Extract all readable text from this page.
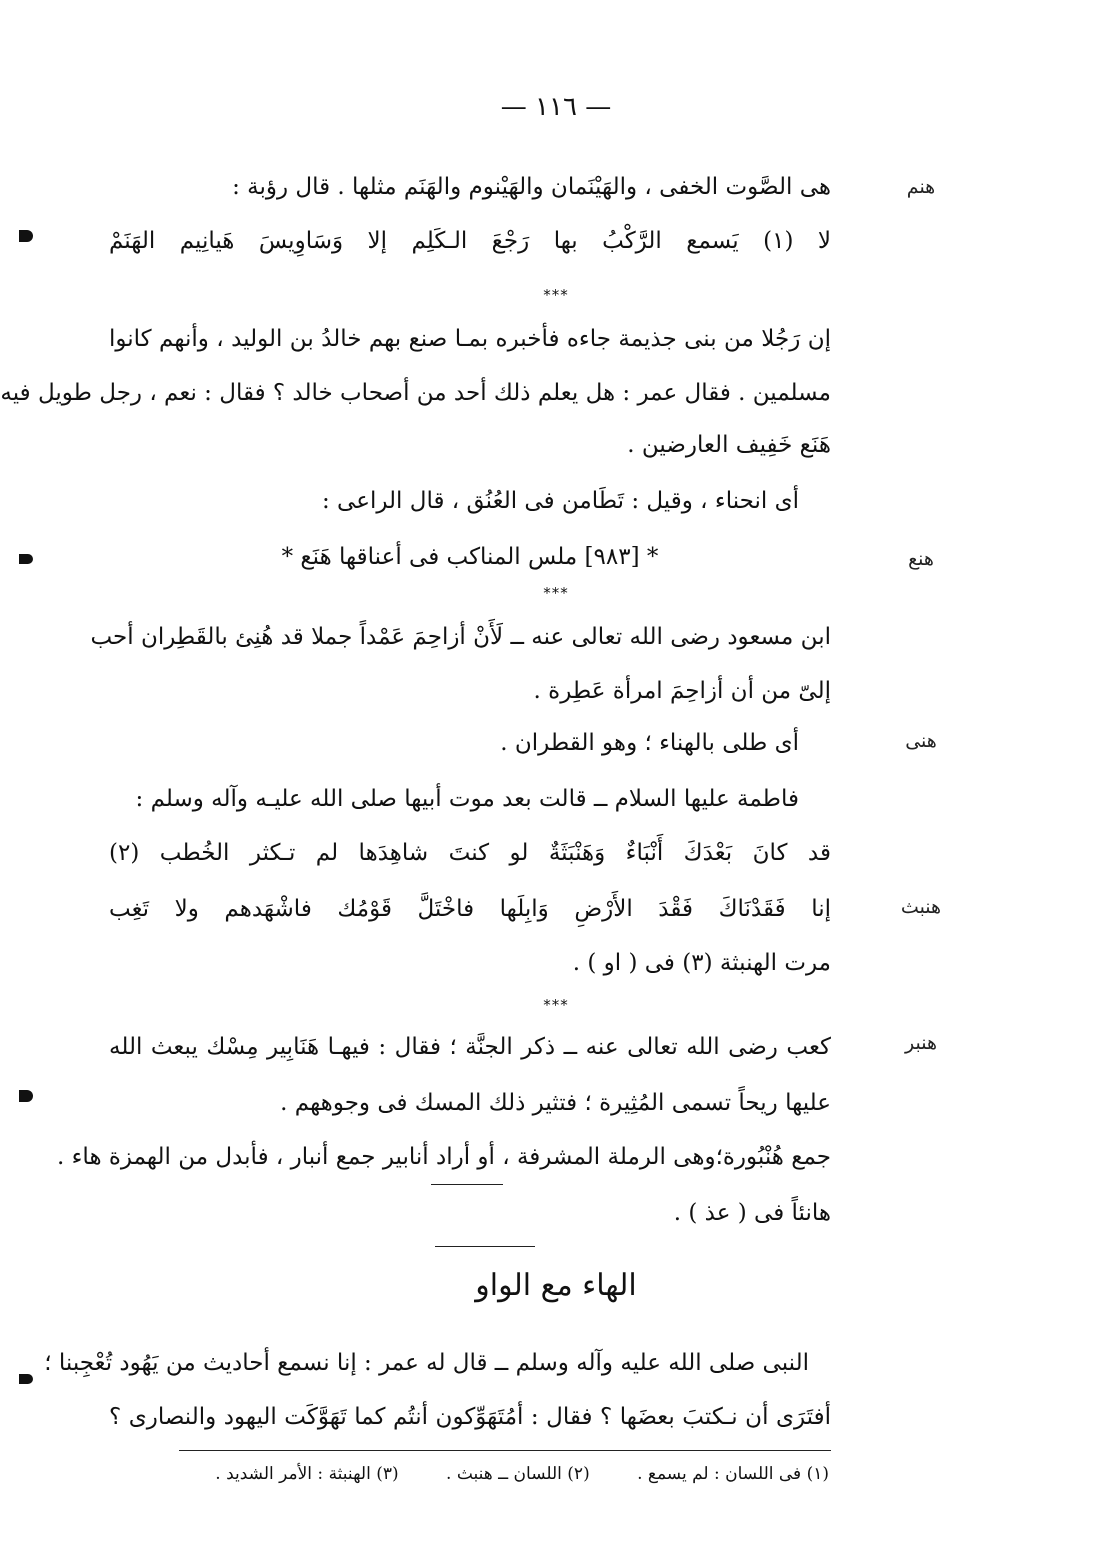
— ١١٦ —
هنم
هنع
هنى
هنبث
هنبر
هى الصَّوت الخفى ، والهَيْنَمان والهَيْنوم والهَنَم مثلها . قال رؤبة :
لا (١) يَسمع الرَّكْبُ بها رَجْعَ الـكَلِم إلا وَسَاوِيسَ هَيانِيم الهَنَمْ
***
إن رَجُلا من بنى جذيمة جاءه فأخبره بمـا صنع بهم خالدُ بن الوليد ، وأنهم كانوا
مسلمين . فقال عمر : هل يعلم ذلك أحد من أصحاب خالد ؟ فقال : نعم ، رجل طويل فيه
هَنَع خَفِيف العارضين .
أى انحناء ، وقيل : تَطَامن فى العُنُق ، قال الراعى :
* [٩٨٣] ملس المناكب فى أعناقها هَنَع *
***
ابن مسعود رضى الله تعالى عنه ــ لَأَنْ أزاحِمَ عَمْداً جملا قد هُنِئ بالقَطِران أحب
إلىّ من أن أزاحِمَ امرأة عَطِرة .
أى طلى بالهناء ؛ وهو القطران .
فاطمة عليها السلام ــ قالت بعد موت أبيها صلى الله عليـه وآله وسلم :
قد كانَ بَعْدَكَ أَنْبَاءٌ وَهَنْبَثَةٌ لو كنتَ شاهِدَها لم تـكثر الخُطب (٢)
إنا فَقَدْنَاكَ فَقْدَ الأَرْضِ وَابِلَها فاخْتَلَّ قَوْمُك فاشْهَدهم ولا تَغِب
مرت الهنبثة (٣) فى ( او ) .
***
كعب رضى الله تعالى عنه ــ ذكر الجنَّة ؛ فقال : فيهـا هَنَابِير مِسْك يبعث الله
عليها ريحاً تسمى المُثِيرة ؛ فتثير ذلك المسك فى وجوههم .
جمع هُنْبُورة؛وهى الرملة المشرفة ، أو أراد أنابير جمع أنبار ، فأبدل من الهمزة هاء .
هانئاً فى ( عذ ) .
الهاء مع الواو
النبى صلى الله عليه وآله وسلم ــ قال له عمر : إنا نسمع أحاديث من يَهُود تُعْجِبنا ؛
أفتَرَى أن نـكتبَ بعضَها ؟ فقال : أمُتَهَوِّكون أنتُم كما تَهَوَّكَت اليهود والنصارى ؟
(١) فى اللسان : لم يسمع . (٢) اللسان ــ هنبث . (٣) الهنبثة : الأمر الشديد .
